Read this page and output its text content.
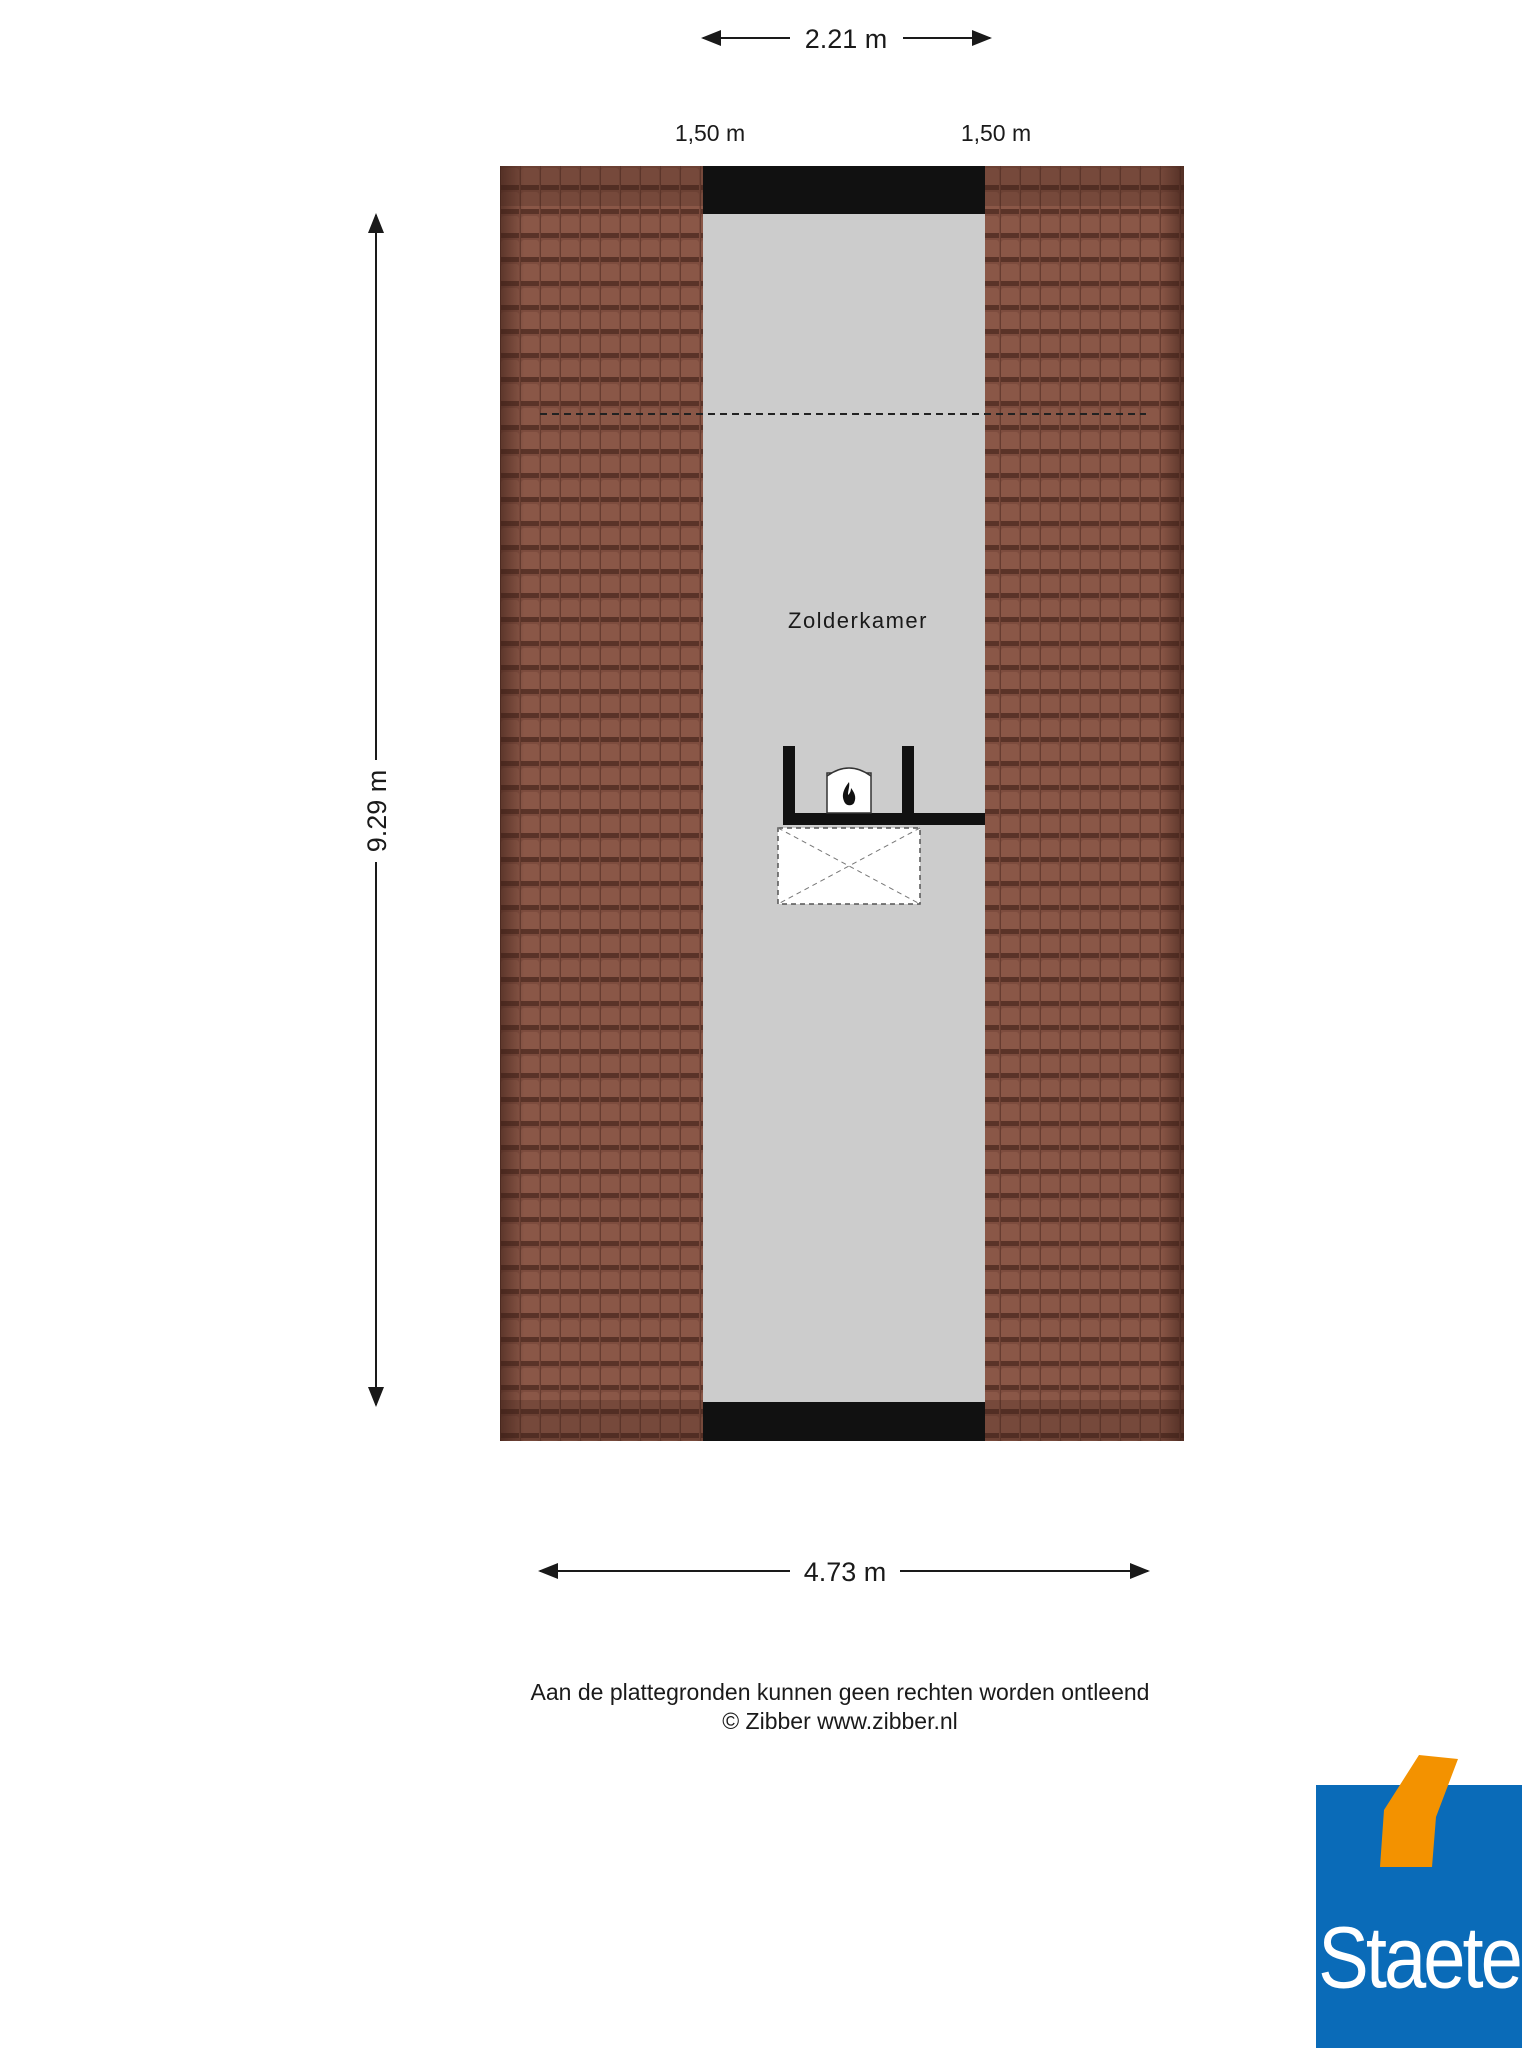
Zolderkamer
2.21 m
1,50 m	1,50 m
9.29 m
4.73 m
Aan de plattegronden kunnen geen rechten worden ontleend
© Zibber www.zibber.nl
Staete
